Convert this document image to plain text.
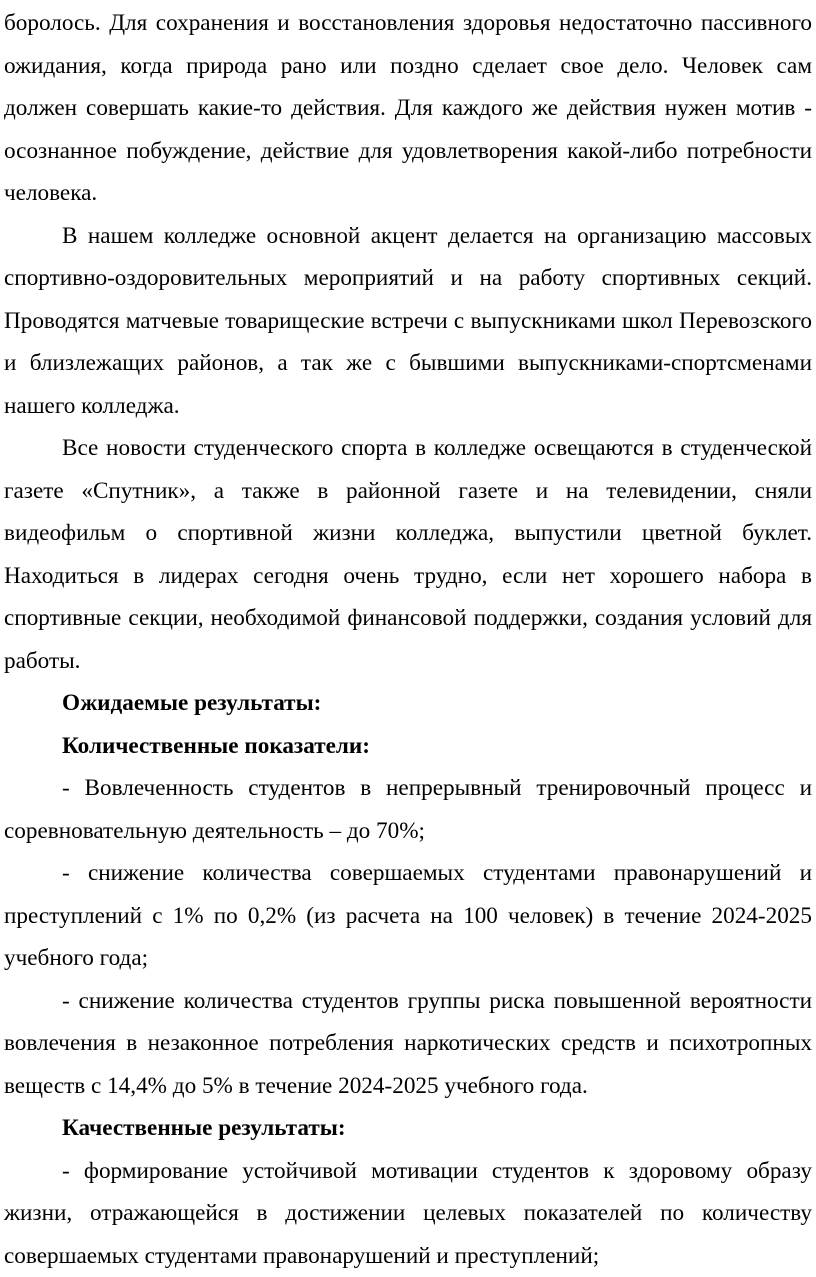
боролось. Для сохранения и восстановления здоровья недостаточно пассивного ожидания, когда природа рано или поздно сделает свое дело. Человек сам должен совершать какие-то действия. Для каждого же действия нужен мотив - осознанное побуждение, действие для удовлетворения какой-либо потребности человека.

В нашем колледже основной акцент делается на организацию массовых спортивно-оздоровительных мероприятий и на работу спортивных секций. Проводятся матчевые товарищеские встречи с выпускниками школ Перевозского и близлежащих районов, а так же с бывшими выпускниками-спортсменами нашего колледжа.

Все новости студенческого спорта в колледже освещаются в студенческой газете «Спутник», а также в районной газете и на телевидении, сняли видеофильм о спортивной жизни колледжа, выпустили цветной буклет. Находиться в лидерах сегодня очень трудно, если нет хорошего набора в спортивные секции, необходимой финансовой поддержки, создания условий для работы.

Ожидаемые результаты:

Количественные показатели:

- Вовлеченность студентов в непрерывный тренировочный процесс и соревновательную деятельность – до 70%;

- снижение количества совершаемых студентами правонарушений и преступлений с 1% по 0,2% (из расчета на 100 человек) в течение 2024-2025 учебного года;

- снижение количества студентов группы риска повышенной вероятности вовлечения в незаконное потребления наркотических средств и психотропных веществ с 14,4% до 5% в течение 2024-2025 учебного года.

Качественные результаты:

- формирование устойчивой мотивации студентов к здоровому образу жизни, отражающейся в достижении целевых показателей по количеству совершаемых студентами правонарушений и преступлений;
